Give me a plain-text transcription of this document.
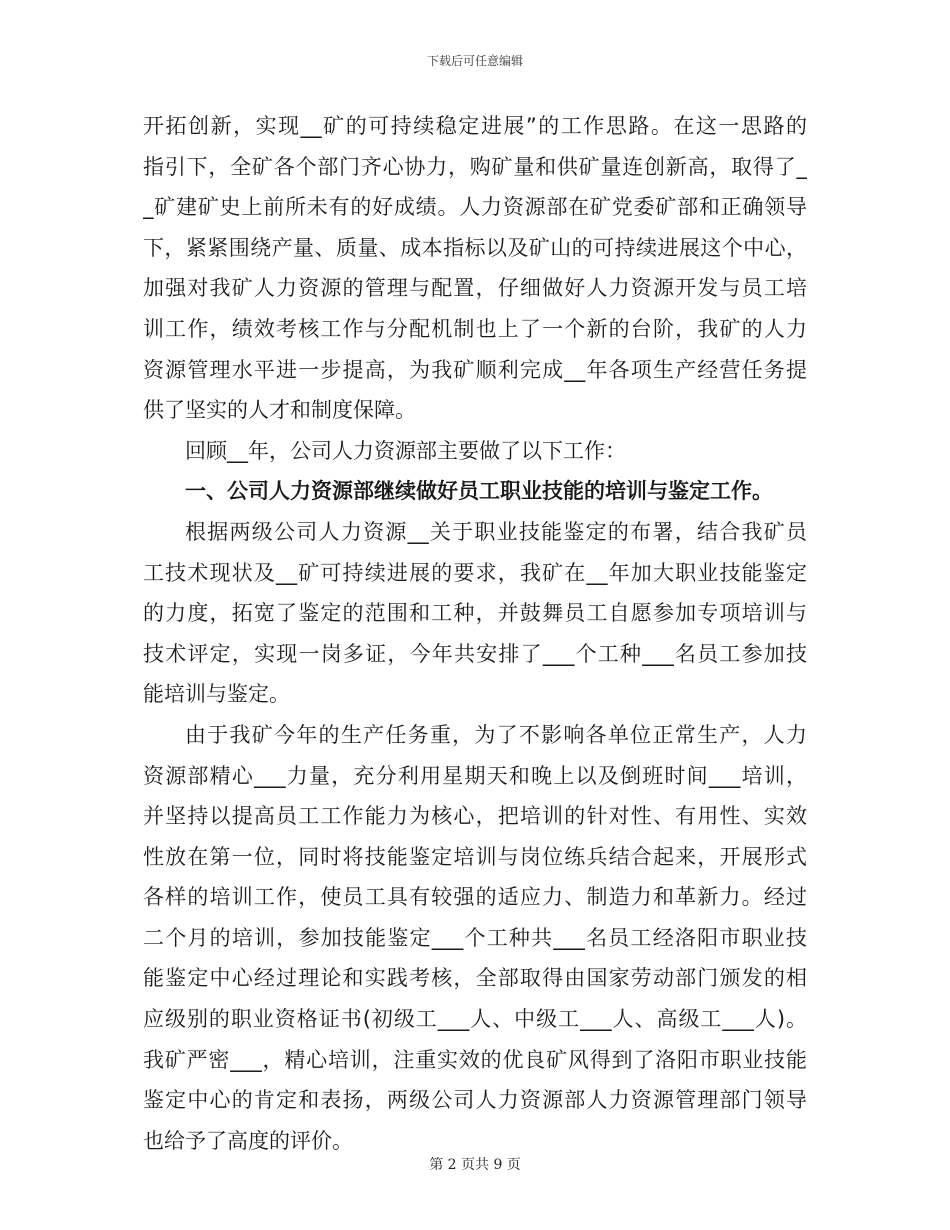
下载后可任意编辑
开拓创新，实现__矿的可持续稳定进展”的工作思路。在这一思路的
指引下，全矿各个部门齐心协力，购矿量和供矿量连创新高，取得了_
_矿建矿史上前所未有的好成绩。人力资源部在矿党委矿部和正确领导
下，紧紧围绕产量、质量、成本指标以及矿山的可持续进展这个中心，
加强对我矿人力资源的管理与配置，仔细做好人力资源开发与员工培
训工作，绩效考核工作与分配机制也上了一个新的台阶，我矿的人力
资源管理水平进一步提高，为我矿顺利完成__年各项生产经营任务提
供了坚实的人才和制度保障。
回顾__年，公司人力资源部主要做了以下工作：
一、公司人力资源部继续做好员工职业技能的培训与鉴定工作。
根据两级公司人力资源__关于职业技能鉴定的布署，结合我矿员
工技术现状及__矿可持续进展的要求，我矿在__年加大职业技能鉴定
的力度，拓宽了鉴定的范围和工种，并鼓舞员工自愿参加专项培训与
技术评定，实现一岗多证，今年共安排了___个工种___名员工参加技
能培训与鉴定。
由于我矿今年的生产任务重，为了不影响各单位正常生产，人力
资源部精心___力量，充分利用星期天和晚上以及倒班时间___培训，
并坚持以提高员工工作能力为核心，把培训的针对性、有用性、实效
性放在第一位，同时将技能鉴定培训与岗位练兵结合起来，开展形式
各样的培训工作，使员工具有较强的适应力、制造力和革新力。经过
二个月的培训，参加技能鉴定___个工种共___名员工经洛阳市职业技
能鉴定中心经过理论和实践考核，全部取得由国家劳动部门颁发的相
应级别的职业资格证书(初级工___人、中级工___人、高级工___人)。
我矿严密___，精心培训，注重实效的优良矿风得到了洛阳市职业技能
鉴定中心的肯定和表扬，两级公司人力资源部人力资源管理部门领导
也给予了高度的评价。
第 2 页共 9 页
